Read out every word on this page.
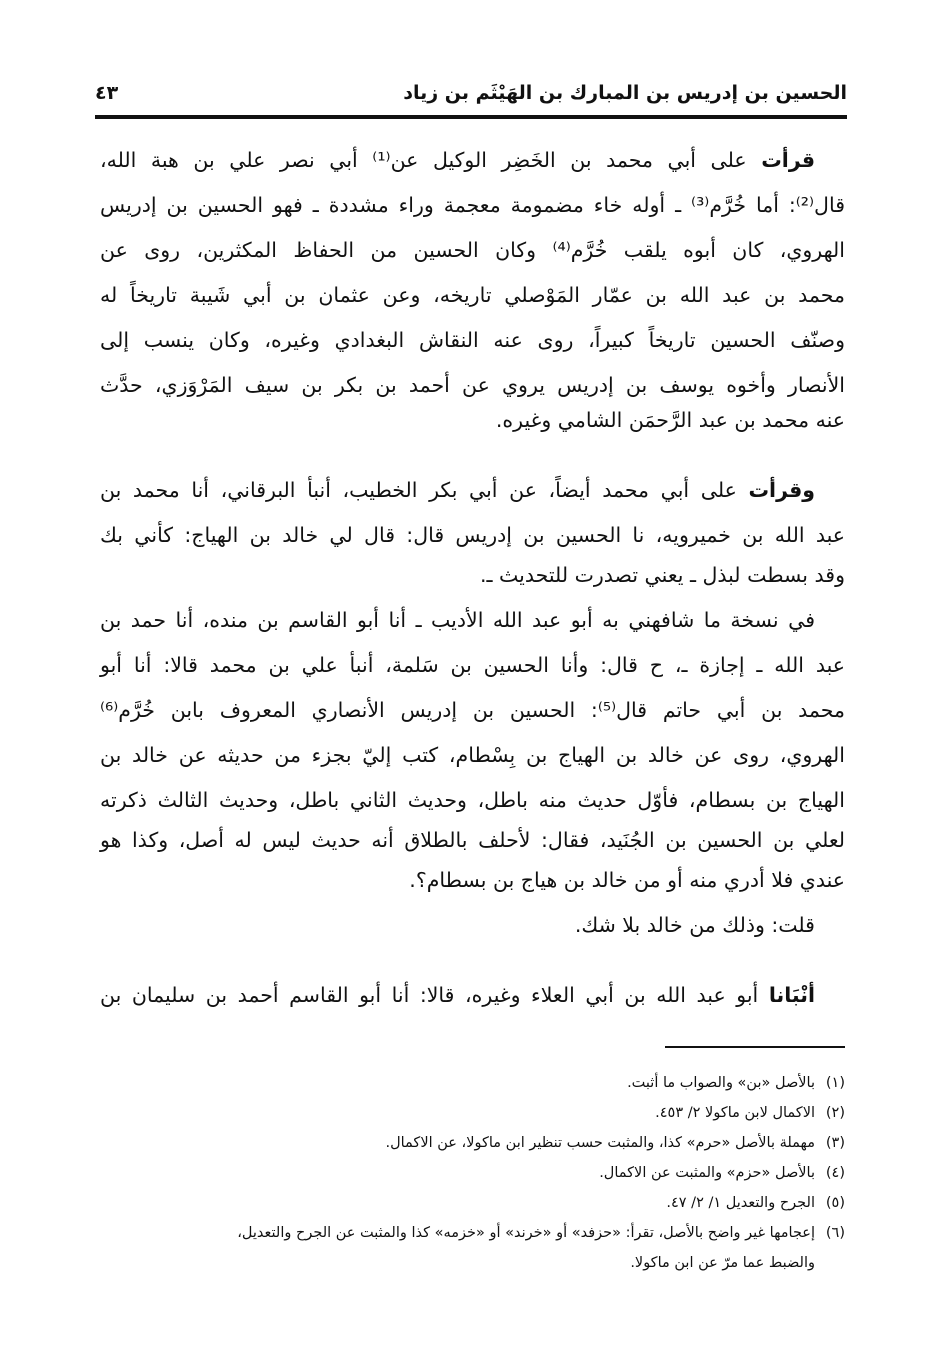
الحسين بن إدريس بن المبارك بن الهَيْثَم بن زياد
٤٣
قرأت على أبي محمد بن الخَضِر الوكيل عن⁽¹⁾ أبي نصر علي بن هبة الله،
قال⁽²⁾: أما خُرَّم⁽³⁾ ـ أوله خاء مضمومة معجمة وراء مشددة ـ فهو الحسين بن إدريس
الهروي، كان أبوه يلقب خُرَّم⁽⁴⁾ وكان الحسين من الحفاظ المكثرين، روى عن
محمد بن عبد الله بن عمّار المَوْصلي تاريخه، وعن عثمان بن أبي شَيبة تاريخاً له
وصنّف الحسين تاريخاً كبيراً، روى عنه النقاش البغدادي وغيره، وكان ينسب إلى
الأنصار وأخوه يوسف بن إدريس يروي عن أحمد بن بكر بن سيف المَرْوَزي، حدَّث
عنه محمد بن عبد الرَّحمَن الشامي وغيره.
وقرأت على أبي محمد أيضاً، عن أبي بكر الخطيب، أنبأ البرقاني، أنا محمد بن
عبد الله بن خميرويه، نا الحسين بن إدريس قال: قال لي خالد بن الهياج: كأني بك
وقد بسطت لبذل ـ يعني تصدرت للتحديث ـ.
في نسخة ما شافهني به أبو عبد الله الأديب ـ أنا أبو القاسم بن منده، أنا حمد بن
عبد الله ـ إجازة ـ، ح قال: وأنا الحسين بن سَلمة، أنبأ علي بن محمد قالا: أنا أبو
محمد بن أبي حاتم قال⁽⁵⁾: الحسين بن إدريس الأنصاري المعروف بابن خُرَّم⁽⁶⁾
الهروي، روى عن خالد بن الهياج بن بِسْطام، كتب إليّ بجزء من حديثه عن خالد بن
الهياج بن بسطام، فأوّل حديث منه باطل، وحديث الثاني باطل، وحديث الثالث ذكرته
لعلي بن الحسين بن الجُنَيد، فقال: لأحلف بالطلاق أنه حديث ليس له أصل، وكذا هو
عندي فلا أدري منه أو من خالد بن هياج بن بسطام؟.
قلت: وذلك من خالد بلا شك.
أنْبَانا أبو عبد الله بن أبي العلاء وغيره، قالا: أنا أبو القاسم أحمد بن سليمان بن
(١)بالأصل «بن» والصواب ما أثبت.
(٢)الاكمال لابن ماكولا ٢/ ٤٥٣.
(٣)مهملة بالأصل «حرم» كذا، والمثبت حسب تنظير ابن ماكولا، عن الاكمال.
(٤)بالأصل «حزم» والمثبت عن الاكمال.
(٥)الجرح والتعديل ١/ ٢/ ٤٧.
(٦)إعجامها غير واضح بالأصل، تقرأ: «حزفد» أو «خرند» أو «خزمه» كذا والمثبت عن الجرح والتعديل،
والضبط عما مرّ عن ابن ماكولا.
